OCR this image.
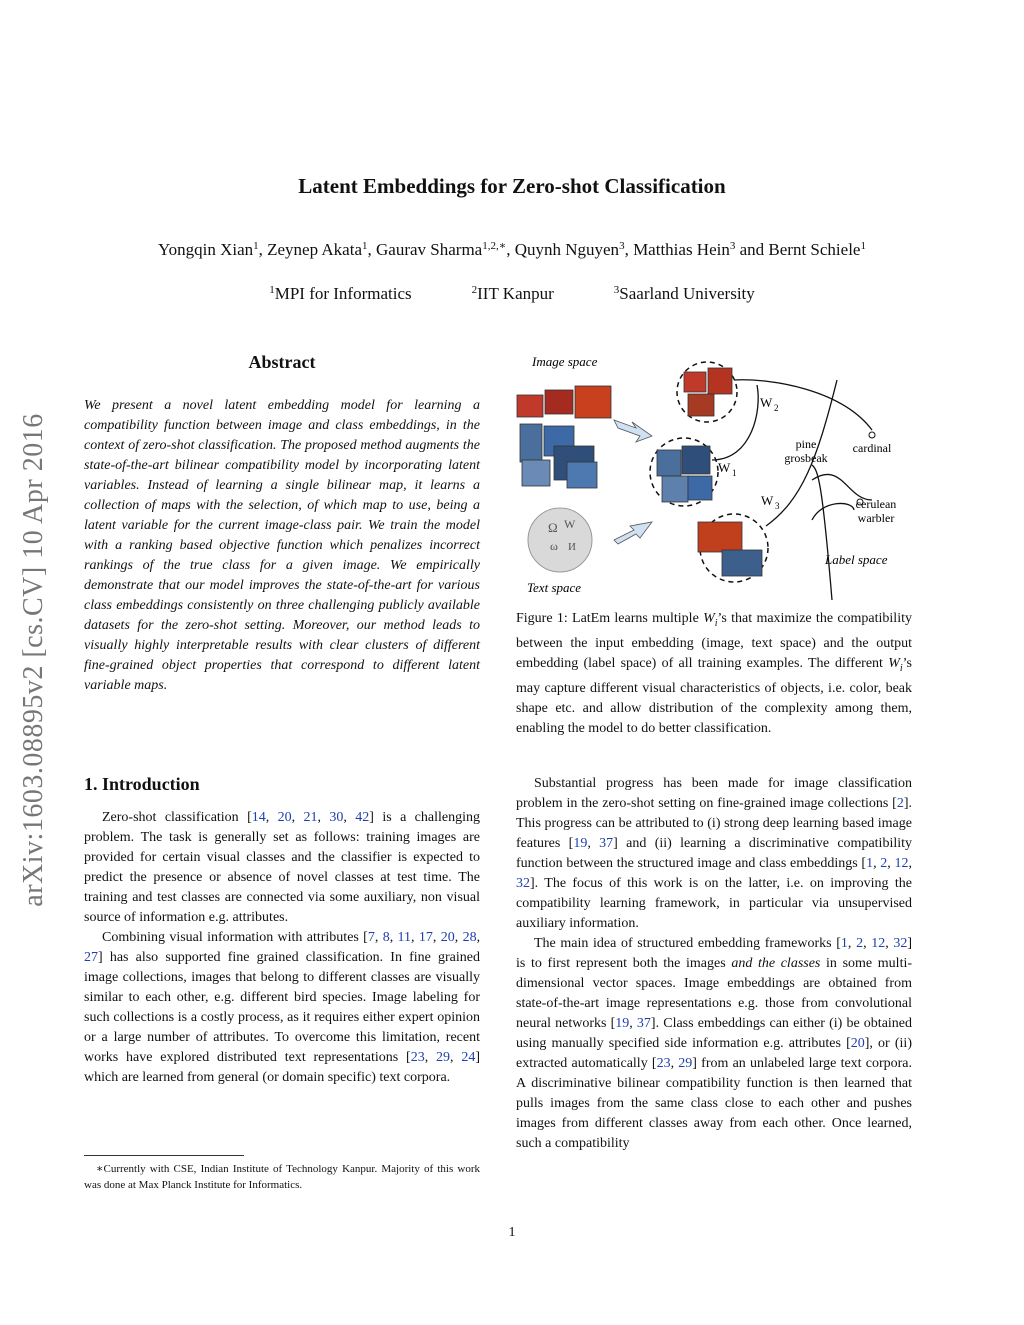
Latent Embeddings for Zero-shot Classification
Yongqin Xian$^1$, Zeynep Akata$^1$, Gaurav Sharma$^{1,2,∗}$, Quynh Nguyen$^3$, Matthias Hein$^3$ and Bernt Schiele$^1$
$^1$MPI for Informatics	$^2$IIT Kanpur	$^3$Saarland University
arXiv:1603.08895v2 [cs.CV] 10 Apr 2016
Abstract
We present a novel latent embedding model for learning a compatibility function between image and class embeddings, in the context of zero-shot classification. The proposed method augments the state-of-the-art bilinear compatibility model by incorporating latent variables. Instead of learning a single bilinear map, it learns a collection of maps with the selection, of which map to use, being a latent variable for the current image-class pair. We train the model with a ranking based objective function which penalizes incorrect rankings of the true class for a given image. We empirically demonstrate that our model improves the state-of-the-art for various class embeddings consistently on three challenging publicly available datasets for the zero-shot setting. Moreover, our method leads to visually highly interpretable results with clear clusters of different fine-grained object properties that correspond to different latent variable maps.
1. Introduction

Zero-shot classification [14, 20, 21, 30, 42] is a challenging problem. The task is generally set as follows: training images are provided for certain visual classes and the classifier is expected to predict the presence or absence of novel classes at test time. The training and test classes are connected via some auxiliary, non visual source of information e.g. attributes.

Combining visual information with attributes [7, 8, 11, 17, 20, 28, 27] has also supported fine grained classification. In fine grained image collections, images that belong to different classes are visually similar to each other, e.g. different bird species. Image labeling for such collections is a costly process, as it requires either expert opinion or a large number of attributes. To overcome this limitation, recent works have explored distributed text representations [23, 29, 24] which are learned from general (or domain specific) text corpora.

∗Currently with CSE, Indian Institute of Technology Kanpur. Majority of this work was done at Max Planck Institute for Informatics.

Image space
Text space
Label space
Ω W
ω И
W 2
W 1
W 3
pine
grosbeak
cardinal
cerulean
warbler
Figure 1: LatEm learns multiple $W_i’s$ that maximize the compatibility between the input embedding (image, text space) and the output embedding (label space) of all training examples. The different $W_i’s$ may capture different visual characteristics of objects, i.e. color, beak shape etc. and allow distribution of the complexity among them, enabling the model to do better classification.

Substantial progress has been made for image classification problem in the zero-shot setting on fine-grained image collections [2]. This progress can be attributed to (i) strong deep learning based image features [19, 37] and (ii) learning a discriminative compatibility function between the structured image and class embeddings [1, 2, 12, 32]. The focus of this work is on the latter, i.e. on improving the compatibility learning framework, in particular via unsupervised auxiliary information.

The main idea of structured embedding frameworks [1, 2, 12, 32] is to first represent both the images and the classes in some multi-dimensional vector spaces. Image embeddings are obtained from state-of-the-art image representations e.g. those from convolutional neural networks [19, 37]. Class embeddings can either (i) be obtained using manually specified side information e.g. attributes [20], or (ii) extracted automatically [23, 29] from an unlabeled large text corpora. A discriminative bilinear compatibility function is then learned that pulls images from the same class close to each other and pushes images from different classes away from each other. Once learned, such a compatibility

1
